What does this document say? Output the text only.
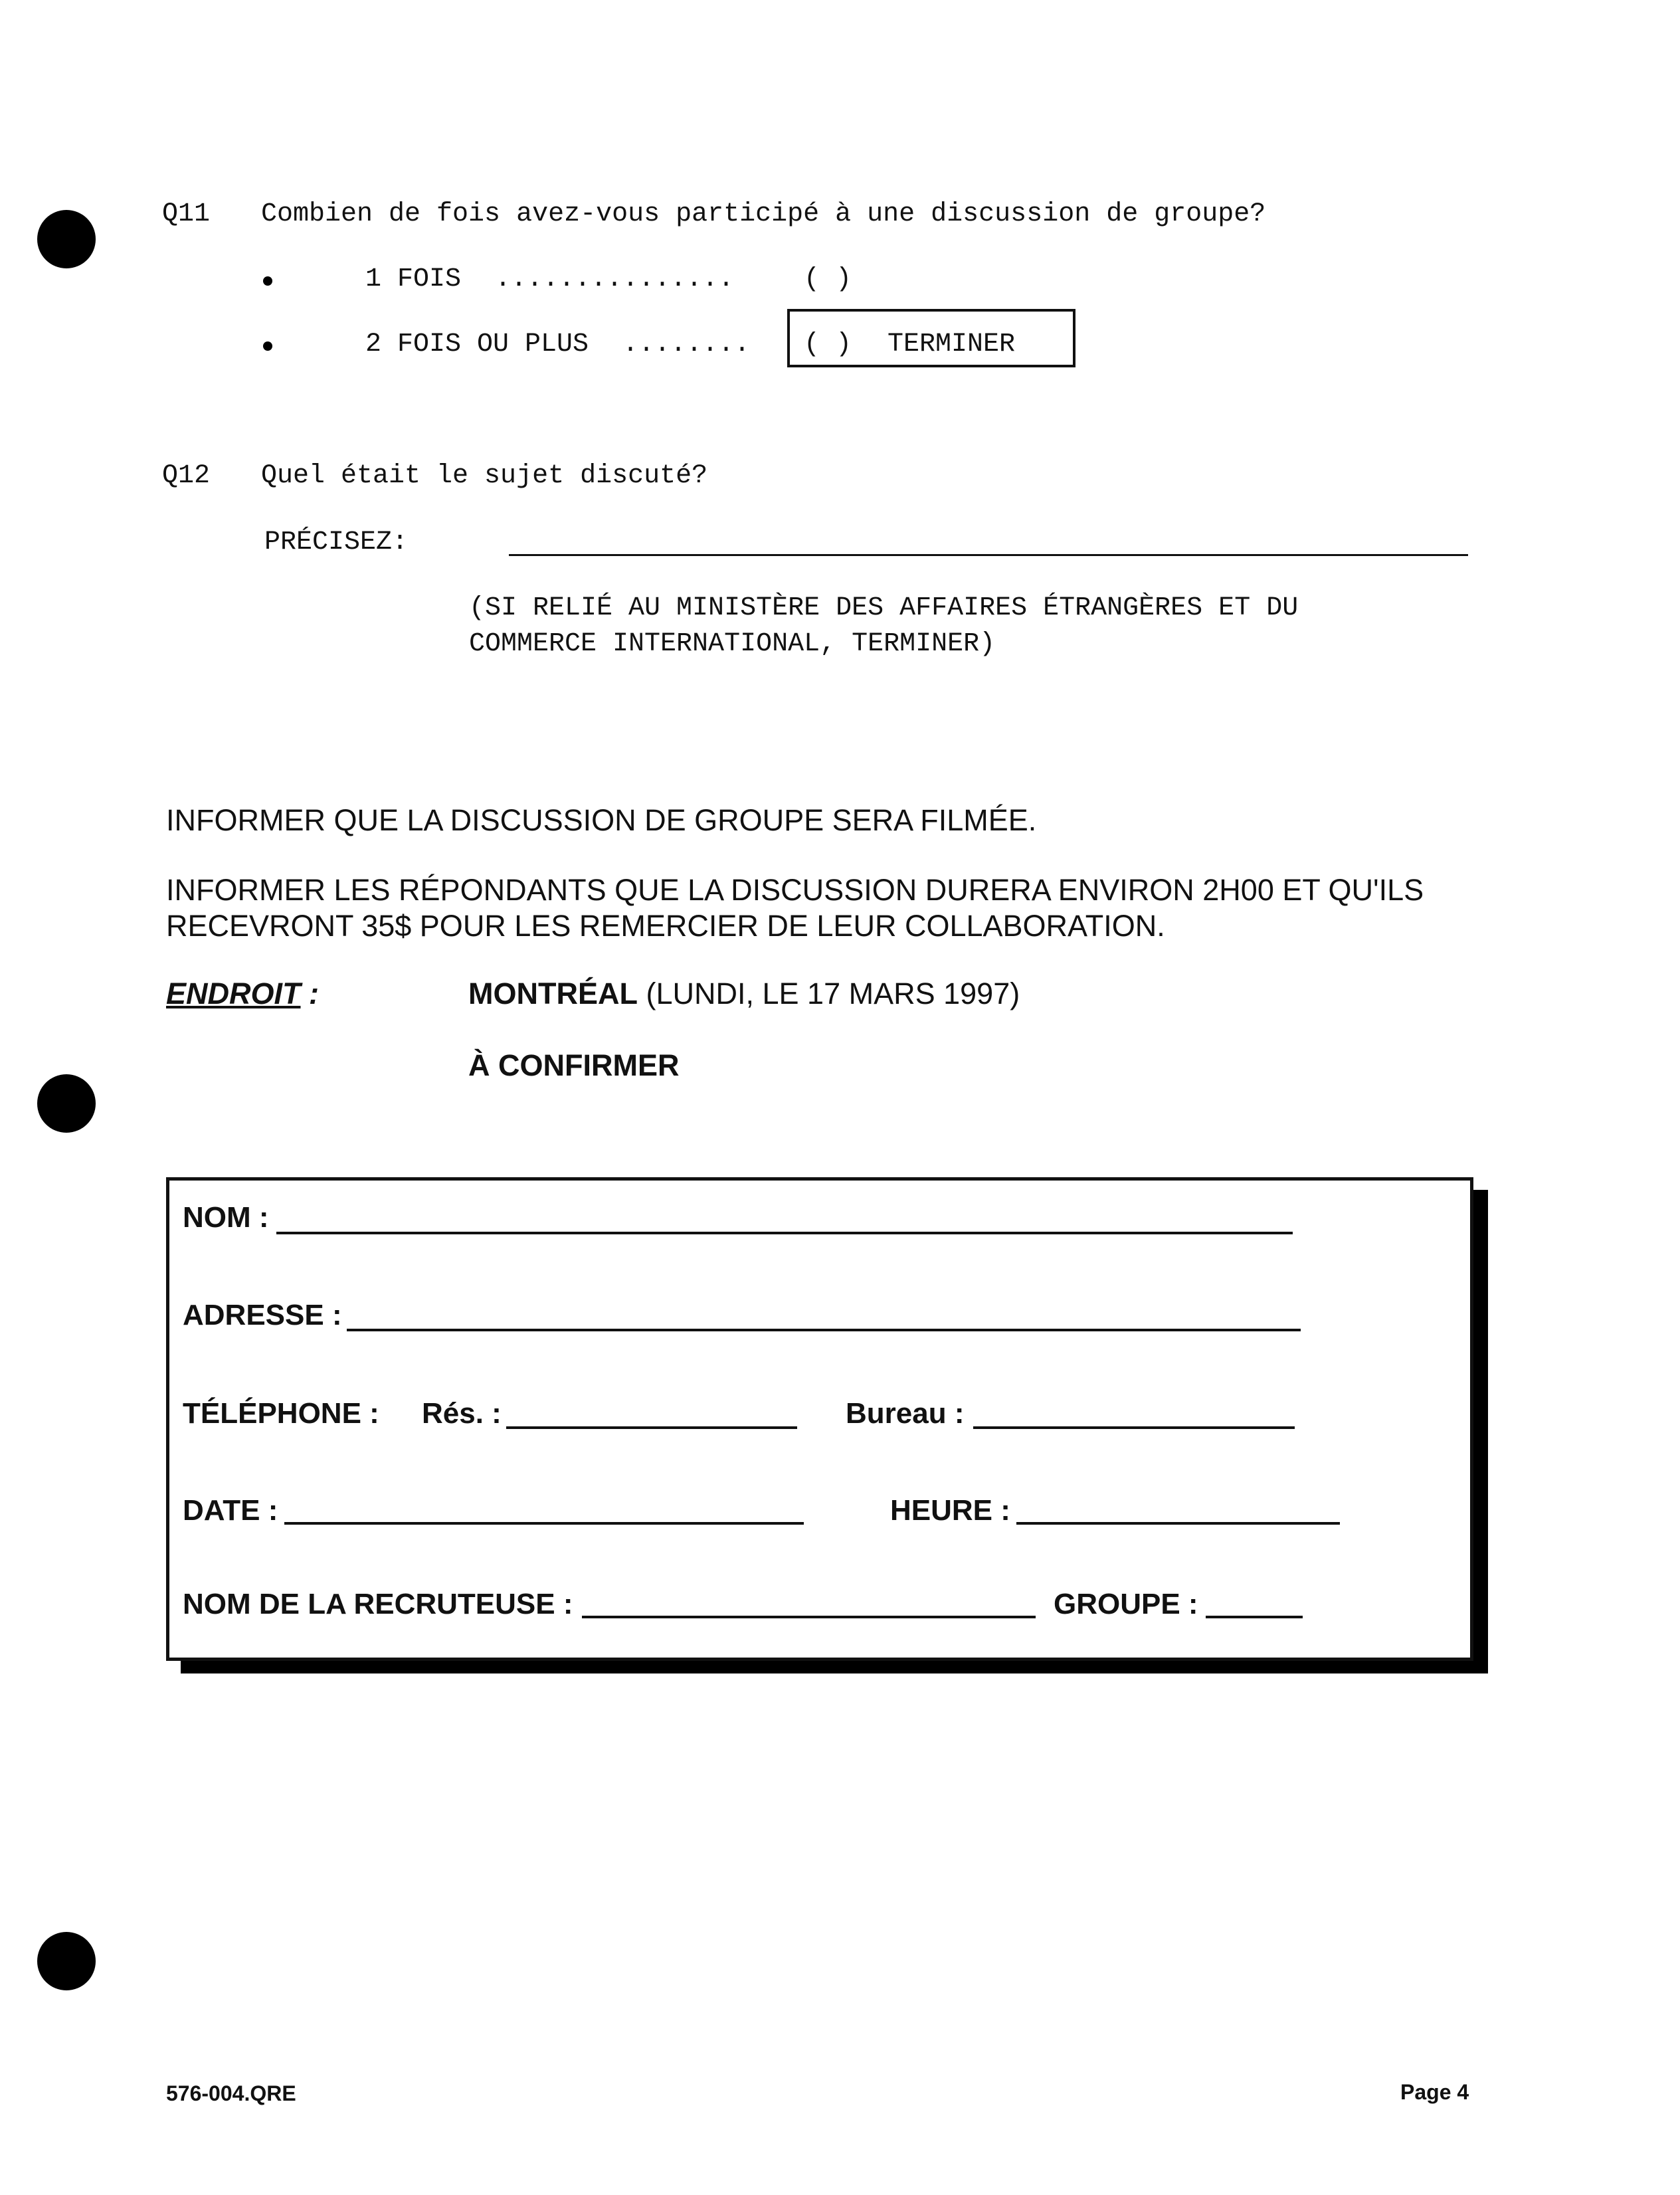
Q11 Combien de fois avez-vous participé à une discussion de groupe?
1 FOIS ...............	( )
2 FOIS OU PLUS ........ ( ) TERMINER
Q12 Quel était le sujet discuté?
PRÉCISEZ:
(SI RELIÉ AU MINISTÈRE DES AFFAIRES ÉTRANGÈRES ET DU
COMMERCE INTERNATIONAL, TERMINER)
INFORMER QUE LA DISCUSSION DE GROUPE SERA FILMÉE.
INFORMER LES RÉPONDANTS QUE LA DISCUSSION DURERA ENVIRON 2H00 ET QU'ILS
RECEVRONT 35$ POUR LES REMERCIER DE LEUR COLLABORATION.
ENDROIT :	MONTRÉAL (LUNDI, LE 17 MARS 1997)
À CONFIRMER
NOM :
ADRESSE :
TÉLÉPHONE : Rés. :	Bureau :
DATE :	HEURE :
NOM DE LA RECRUTEUSE :	GROUPE :
576-004.QRE	Page 4
